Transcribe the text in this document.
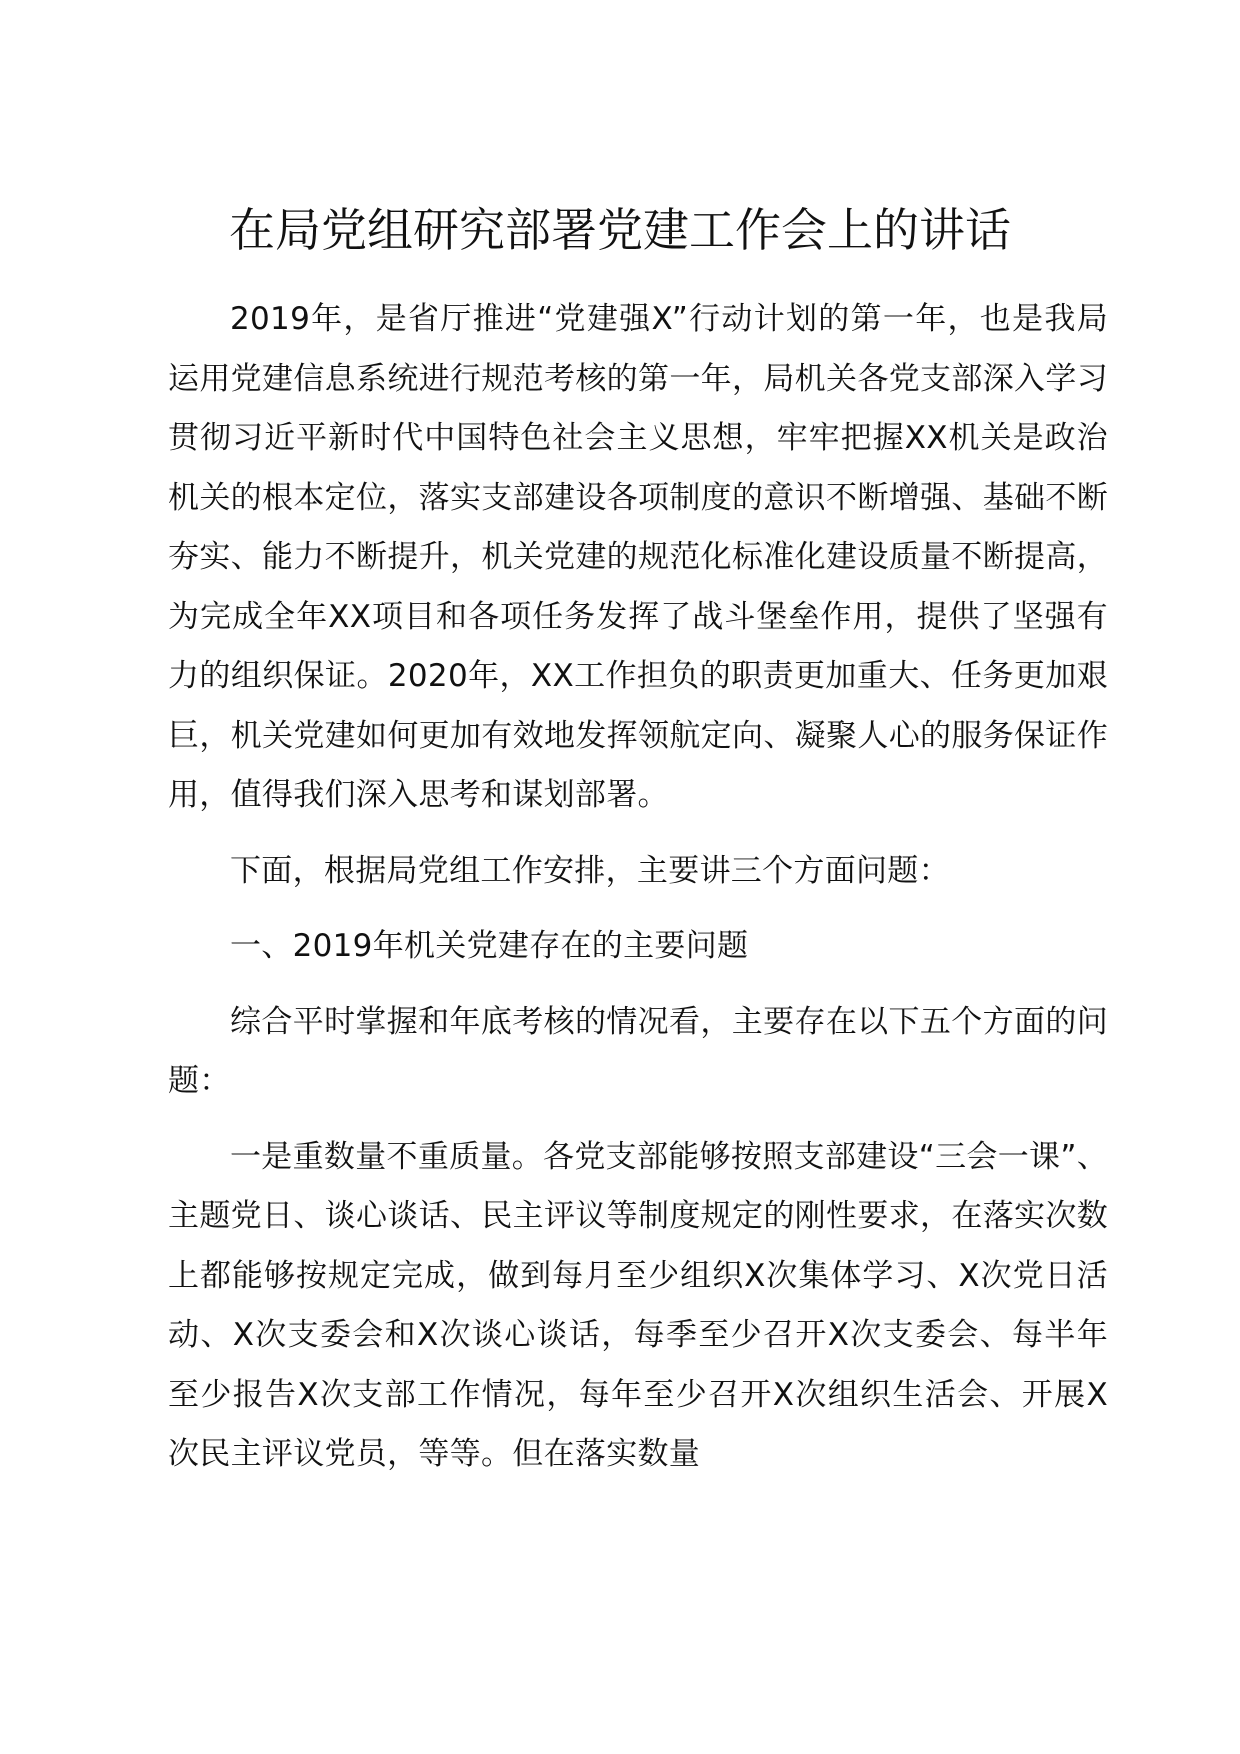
在局党组研究部署党建工作会上的讲话

2019年，是省厅推进“党建强X”行动计划的第一年，也是我局运用党建信息系统进行规范考核的第一年，局机关各党支部深入学习贯彻习近平新时代中国特色社会主义思想，牢牢把握XX机关是政治机关的根本定位，落实支部建设各项制度的意识不断增强、基础不断夯实、能力不断提升，机关党建的规范化标准化建设质量不断提高，为完成全年XX项目和各项任务发挥了战斗堡垒作用，提供了坚强有力的组织保证。2020年，XX工作担负的职责更加重大、任务更加艰巨，机关党建如何更加有效地发挥领航定向、凝聚人心的服务保证作用，值得我们深入思考和谋划部署。

下面，根据局党组工作安排，主要讲三个方面问题：

一、2019年机关党建存在的主要问题

综合平时掌握和年底考核的情况看，主要存在以下五个方面的问题：

一是重数量不重质量。各党支部能够按照支部建设“三会一课”、主题党日、谈心谈话、民主评议等制度规定的刚性要求，在落实次数上都能够按规定完成，做到每月至少组织X次集体学习、X次党日活动、X次支委会和X次谈心谈话，每季至少召开X次支委会、每半年至少报告X次支部工作情况，每年至少召开X次组织生活会、开展X次民主评议党员，等等。但在落实数量
